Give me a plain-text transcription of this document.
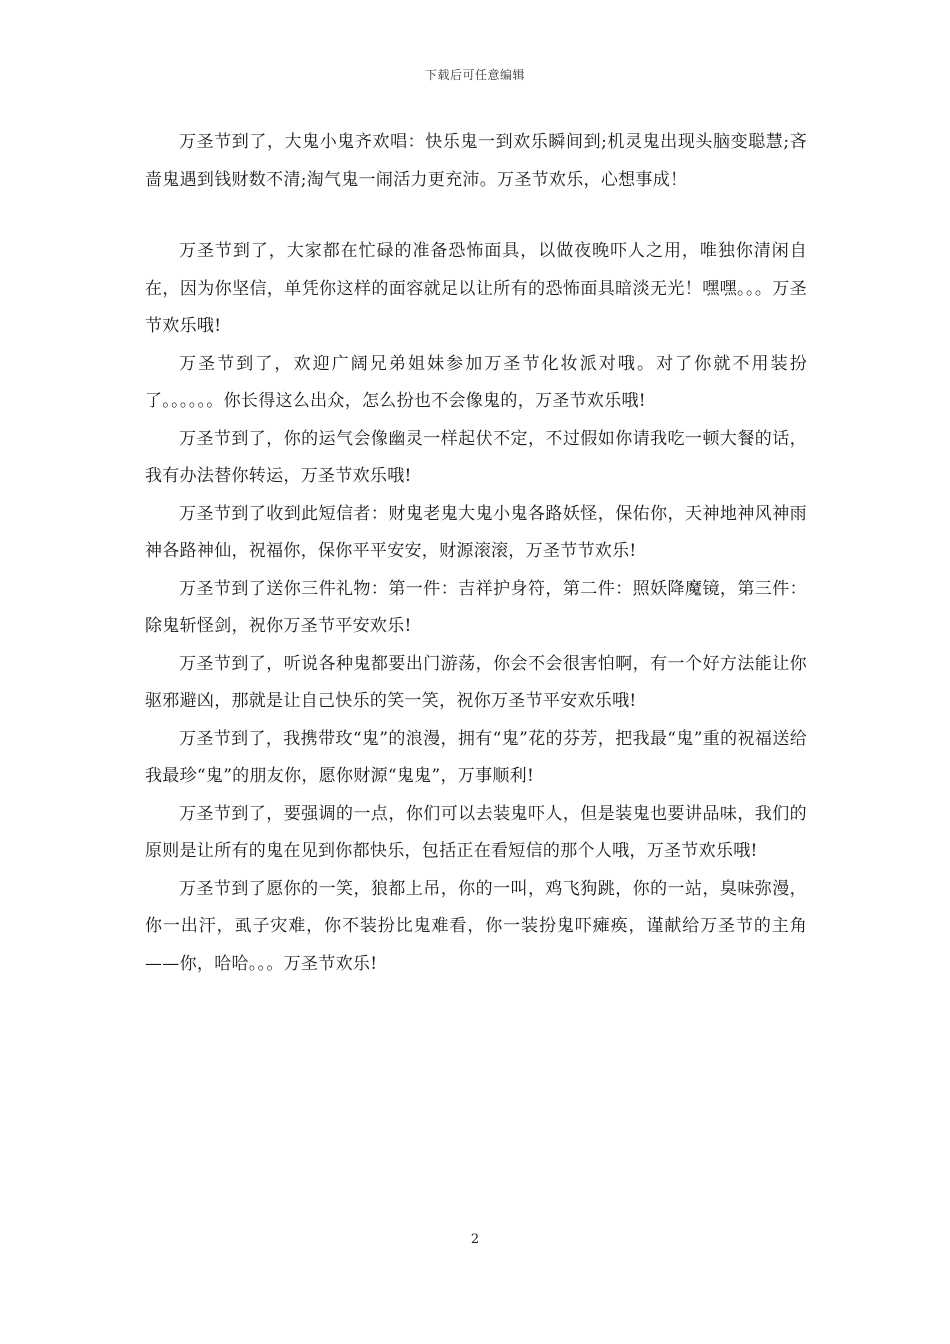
下载后可任意编辑

万圣节到了，大鬼小鬼齐欢唱：快乐鬼一到欢乐瞬间到;机灵鬼出现头脑变聪慧;吝啬鬼遇到钱财数不清;淘气鬼一闹活力更充沛。万圣节欢乐，心想事成！

万圣节到了，大家都在忙碌的准备恐怖面具，以做夜晚吓人之用，唯独你清闲自在，因为你坚信，单凭你这样的面容就足以让所有的恐怖面具暗淡无光！嘿嘿。。。万圣节欢乐哦!

万圣节到了，欢迎广阔兄弟姐妹参加万圣节化妆派对哦。对了你就不用装扮了。。。。。。你长得这么出众，怎么扮也不会像鬼的，万圣节欢乐哦!

万圣节到了，你的运气会像幽灵一样起伏不定，不过假如你请我吃一顿大餐的话，我有办法替你转运，万圣节欢乐哦!

万圣节到了收到此短信者：财鬼老鬼大鬼小鬼各路妖怪，保佑你，天神地神风神雨神各路神仙，祝福你，保你平平安安，财源滚滚，万圣节节欢乐!

万圣节到了送你三件礼物：第一件：吉祥护身符，第二件：照妖降魔镜，第三件：除鬼斩怪剑，祝你万圣节平安欢乐!

万圣节到了，听说各种鬼都要出门游荡，你会不会很害怕啊，有一个好方法能让你驱邪避凶，那就是让自己快乐的笑一笑，祝你万圣节平安欢乐哦!

万圣节到了，我携带玫“鬼”的浪漫，拥有“鬼”花的芬芳，把我最“鬼”重的祝福送给我最珍“鬼”的朋友你，愿你财源“鬼鬼”，万事顺利!

万圣节到了，要强调的一点，你们可以去装鬼吓人，但是装鬼也要讲品味，我们的原则是让所有的鬼在见到你都快乐，包括正在看短信的那个人哦，万圣节欢乐哦!

万圣节到了愿你的一笑，狼都上吊，你的一叫，鸡飞狗跳，你的一站，臭味弥漫，你一出汗，虱子灾难，你不装扮比鬼难看，你一装扮鬼吓瘫痪，谨献给万圣节的主角——你，哈哈。。。万圣节欢乐!

2
